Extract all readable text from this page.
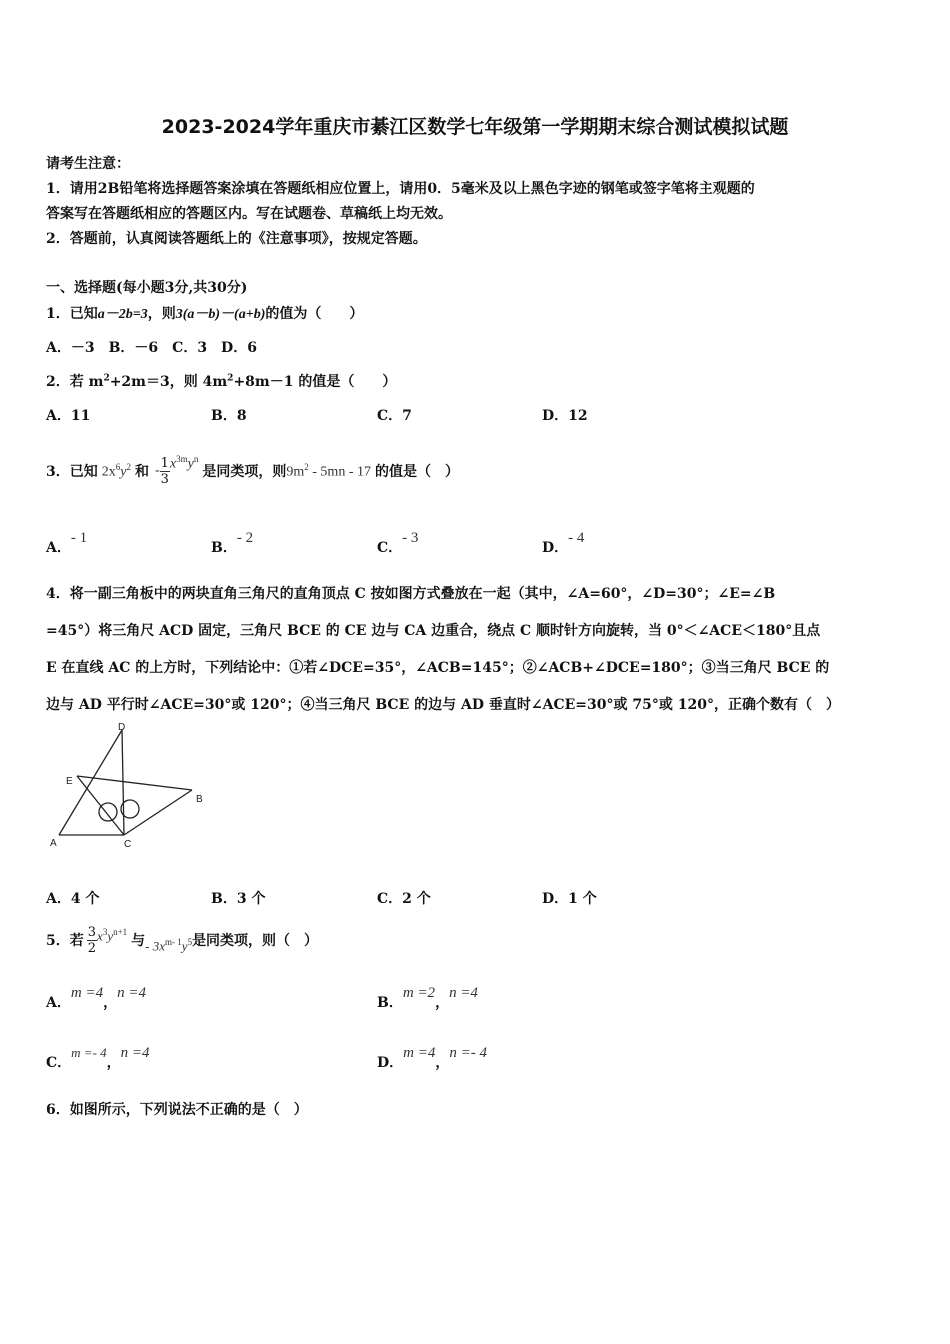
2023-2024学年重庆市綦江区数学七年级第一学期期末综合测试模拟试题
请考生注意：
1．请用2B铅笔将选择题答案涂填在答题纸相应位置上，请用0．5毫米及以上黑色字迹的钢笔或签字笔将主观题的
答案写在答题纸相应的答题区内。写在试题卷、草稿纸上均无效。
2．答题前，认真阅读答题纸上的《注意事项》，按规定答题。
一、选择题(每小题3分,共30分)
1．已知a－2b=3，则3(a－b)－(a+b)的值为（　　）
A．－3　B．－6　C．3　D．6
2．若 $m^2+2m=3$，则 $4m^2+8m-1$ 的值是（　　）
A．11	B．8	C．7	D．12
3．已知 $2x^6y^2$ 和 - $\frac{1}{3} x^{3m}y^n$
是同类项，则 $9m^2 - 5mn - 17$ 的值是（　）
A．- 1
B．- 2
C．- 3
D．- 4
4．将一副三角板中的两块直角三角尺的直角顶点 C 按如图方式叠放在一起（其中，∠A=60°，∠D=30°；∠E=∠B
=45°）将三角尺 ACD 固定，三角尺 BCE 的 CE 边与 CA 边重合，绕点 C 顺时针方向旋转，当 0°＜∠ACE＜180°且点
E 在直线 AC 的上方时，下列结论中：①若∠DCE=35°，∠ACB=145°；②∠ACB+∠DCE=180°；③当三角尺 BCE 的
边与 AD 平行时∠ACE=30°或 120°；④当三角尺 BCE 的边与 AD 垂直时∠ACE=30°或 75°或 120°，正确个数有（　）
D
E
B
A	C
A．4 个	B．3 个	C．2 个	D．1 个
5．若 $\frac{3}{2} x^3y^{n+1}$
与 - $3x^{m- 1}y^5$ 是同类项，则（　）
A．m =4，n =4
B．m =2，n =4
C．m =- 4，n =4
D．m =4，n =- 4
6．如图所示，下列说法不正确的是（　）
